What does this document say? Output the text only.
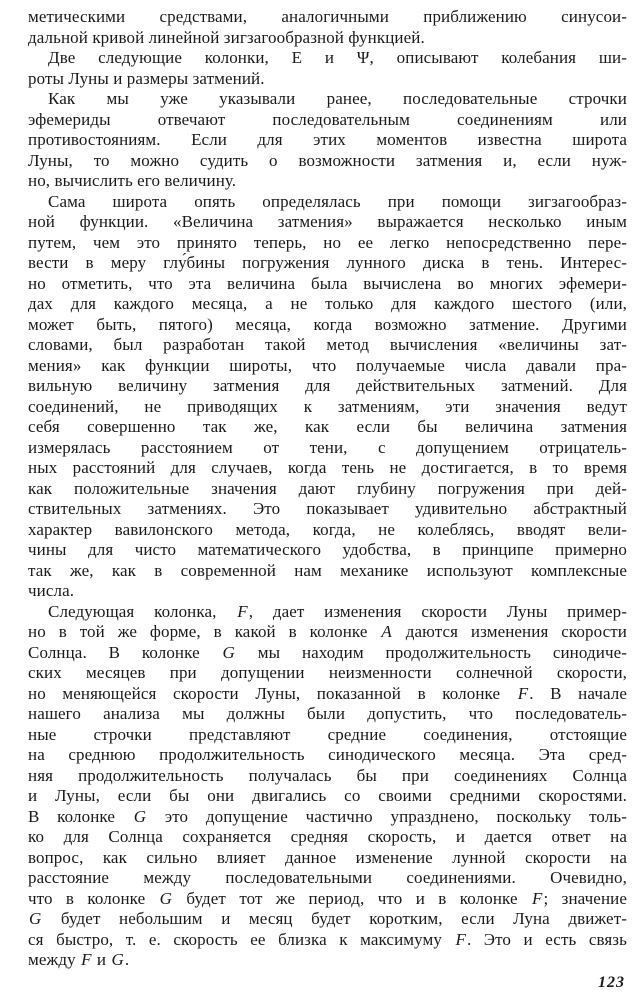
метическими средствами, аналогичными приближению синусои-
дальной кривой линейной зигзагообразной функцией.
Две следующие колонки, Е и Ψ, описывают колебания ши-
роты Луны и размеры затмений.
Как мы уже указывали ранее, последовательные строчки
эфемериды отвечают последовательным соединениям или
противостояниям. Если для этих моментов известна широта
Луны, то можно судить о возможности затмения и, если нуж-
но, вычислить его величину.
Сама широта опять определялась при помощи зигзагообраз-
ной функции. «Величина затмения» выражается несколько иным
путем, чем это принято теперь, но ее легко непосредственно пере-
вести в меру глу́бины погружения лунного диска в тень. Интерес-
но отметить, что эта величина была вычислена во многих эфемери-
дах для каждого месяца, а не только для каждого шестого (или,
может быть, пятого) месяца, когда возможно затмение. Другими
словами, был разработан такой метод вычисления «величины зат-
мения» как функции широты, что получаемые числа давали пра-
вильную величину затмения для действительных затмений. Для
соединений, не приводящих к затмениям, эти значения ведут
себя совершенно так же, как если бы величина затмения
измерялась расстоянием от тени, с допущением отрицатель-
ных расстояний для случаев, когда тень не достигается, в то время
как положительные значения дают глубину погружения при дей-
ствительных затмениях. Это показывает удивительно абстрактный
характер вавилонского метода, когда, не колеблясь, вводят вели-
чины для чисто математического удобства, в принципе примерно
так же, как в современной нам механике используют комплексные
числа.
Следующая колонка, F, дает изменения скорости Луны пример-
но в той же форме, в какой в колонке A даются изменения скорости
Солнца. В колонке G мы находим продолжительность синодиче-
ских месяцев при допущении неизменности солнечной скорости,
но меняющейся скорости Луны, показанной в колонке F. В начале
нашего анализа мы должны были допустить, что последователь-
ные строчки представляют средние соединения, отстоящие
на среднюю продолжительность синодического месяца. Эта сред-
няя продолжительность получалась бы при соединениях Солнца
и Луны, если бы они двигались со своими средними скоростями.
В колонке G это допущение частично упразднено, поскольку толь-
ко для Солнца сохраняется средняя скорость, и дается ответ на
вопрос, как сильно влияет данное изменение лунной скорости на
расстояние между последовательными соединениями. Очевидно,
что в колонке G будет тот же период, что и в колонке F; значение
G будет небольшим и месяц будет коротким, если Луна движет-
ся быстро, т. е. скорость ее близка к максимуму F. Это и есть связь
между F и G.
123
